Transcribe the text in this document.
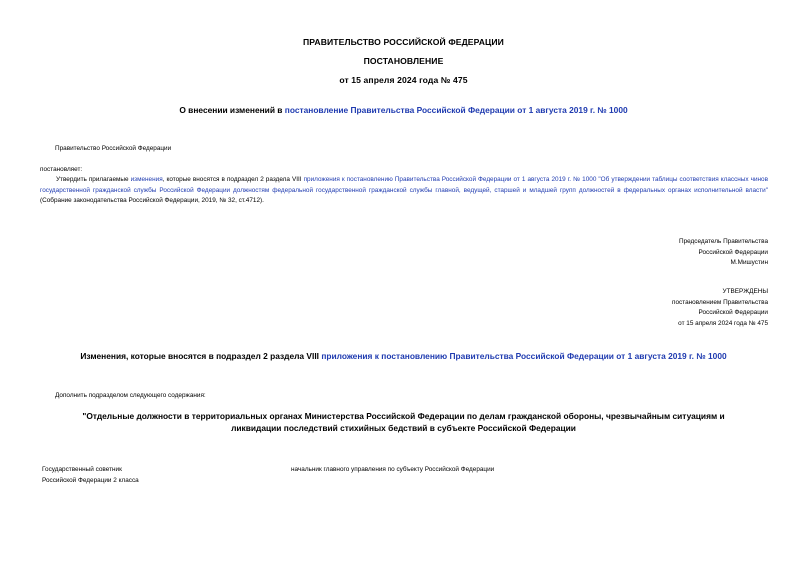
ПРАВИТЕЛЬСТВО РОССИЙСКОЙ ФЕДЕРАЦИИ
ПОСТАНОВЛЕНИЕ
от 15 апреля 2024 года № 475
О внесении изменений в постановление Правительства Российской Федерации от 1 августа 2019 г. № 1000
Правительство Российской Федерации
постановляет:
Утвердить прилагаемые изменения, которые вносятся в подраздел 2 раздела VIII приложения к постановлению Правительства Российской Федерации от 1 августа 2019 г. № 1000 "Об утверждении таблицы соответствия классных чинов государственной гражданской службы Российской Федерации должностям федеральной государственной гражданской службы главной, ведущей, старшей и младшей групп должностей в федеральных органах исполнительной власти" (Собрание законодательства Российской Федерации, 2019, № 32, ст.4712).
Председатель Правительства
Российской Федерации
М.Мишустин
УТВЕРЖДЕНЫ
постановлением Правительства
Российской Федерации
от 15 апреля 2024 года № 475
Изменения, которые вносятся в подраздел 2 раздела VIII приложения к постановлению Правительства Российской Федерации от 1 августа 2019 г. № 1000
Дополнить подразделом следующего содержания:
"Отдельные должности в территориальных органах Министерства Российской Федерации по делам гражданской обороны, чрезвычайным ситуациям и
ликвидации последствий стихийных бедствий в субъекте Российской Федерации
Государственный советник
Российской Федерации 2 класса
начальник главного управления по субъекту Российской Федерации
